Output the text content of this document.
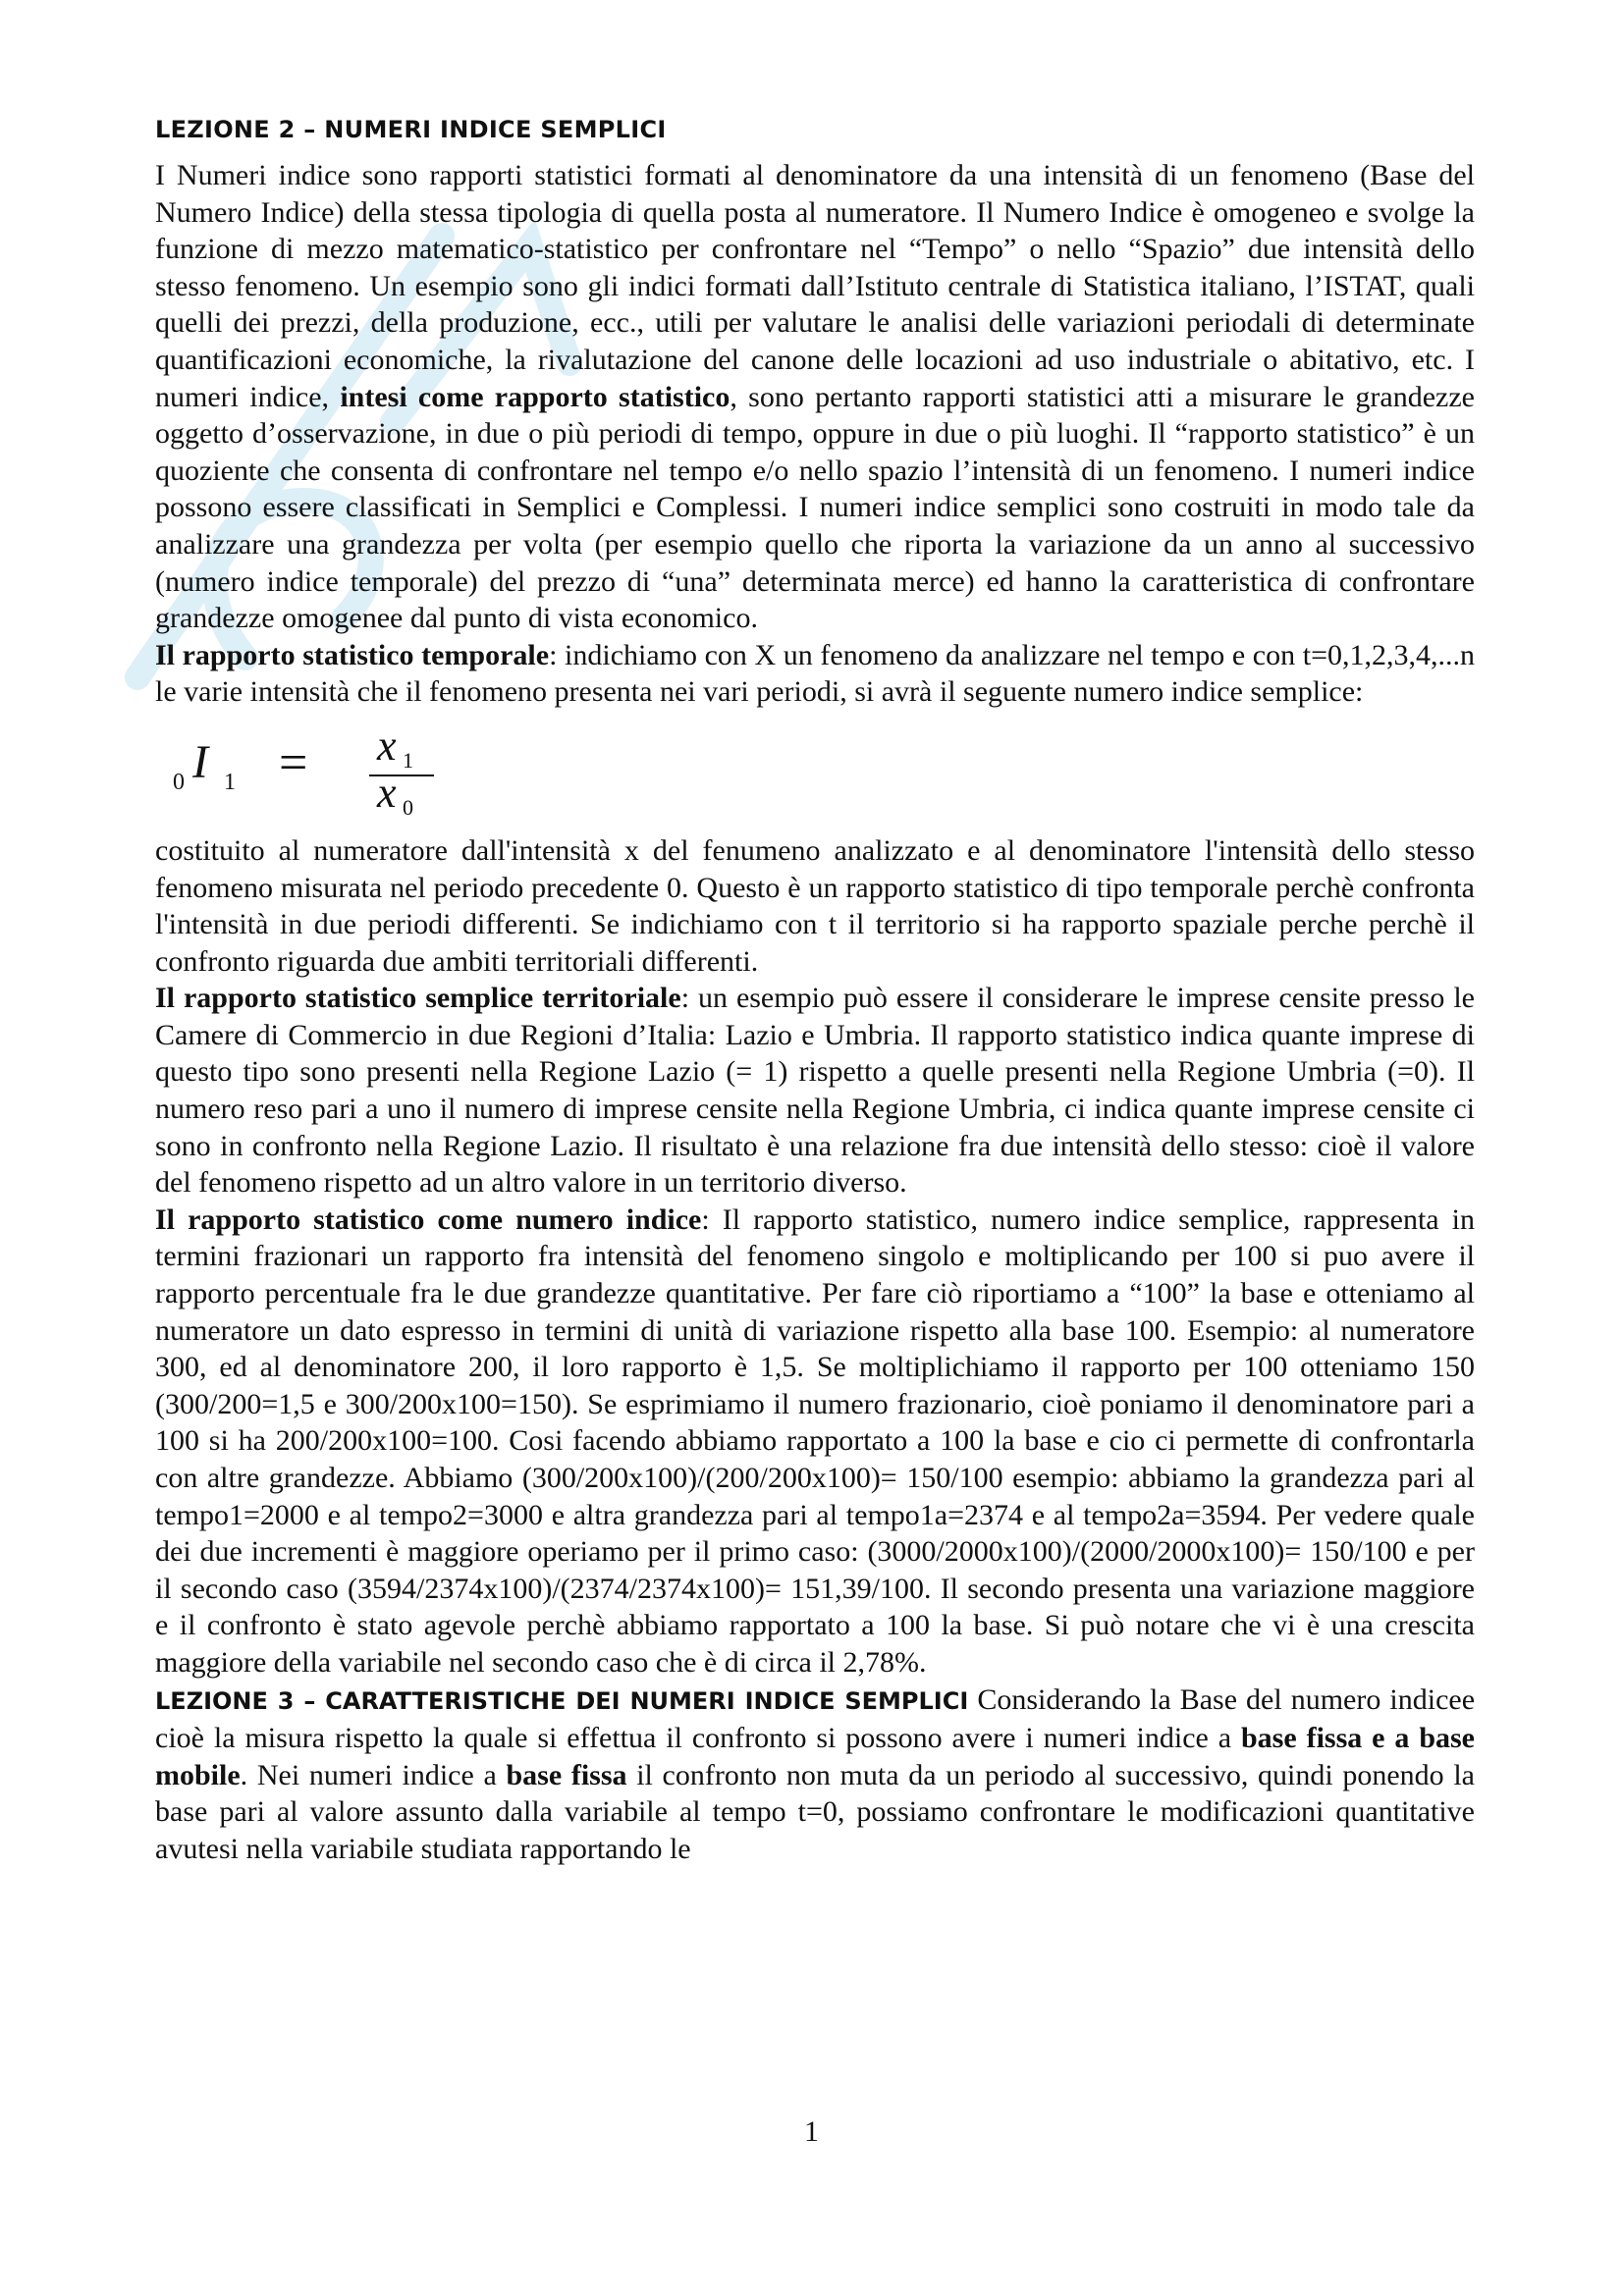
LEZIONE 2 – NUMERI INDICE SEMPLICI

I Numeri indice sono rapporti statistici formati al denominatore da una intensità di un fenomeno (Base del Numero Indice) della stessa tipologia di quella posta al numeratore. Il Numero Indice è omogeneo e svolge la funzione di mezzo matematico-statistico per confrontare nel “Tempo” o nello “Spazio” due intensità dello stesso fenomeno. Un esempio sono gli indici formati dall’Istituto centrale di Statistica italiano, l’ISTAT, quali quelli dei prezzi, della produzione, ecc., utili per valutare le analisi delle variazioni periodali di determinate quantificazioni economiche, la rivalutazione del canone delle locazioni ad uso industriale o abitativo, etc. I numeri indice, intesi come rapporto statistico, sono pertanto rapporti statistici atti a misurare le grandezze oggetto d’osservazione, in due o più periodi di tempo, oppure in due o più luoghi. Il “rapporto statistico” è un quoziente che consenta di confrontare nel tempo e/o nello spazio l’intensità di un fenomeno. I numeri indice possono essere classificati in Semplici e Complessi. I numeri indice semplici sono costruiti in modo tale da analizzare una grandezza per volta (per esempio quello che riporta la variazione da un anno al successivo (numero indice temporale) del prezzo di “una” determinata merce) ed hanno la caratteristica di confrontare grandezze omogenee dal punto di vista economico.

Il rapporto statistico temporale: indichiamo con X un fenomeno da analizzare nel tempo e con t=0,1,2,3,4,...n le varie intensità che il fenomeno presenta nei vari periodi, si avrà il seguente numero indice semplice:

0 I 1 = x 1
x 0

costituito al numeratore dall'intensità x del fenumeno analizzato e al denominatore l'intensità dello stesso fenomeno misurata nel periodo precedente 0. Questo è un rapporto statistico di tipo temporale perchè confronta l'intensità in due periodi differenti. Se indichiamo con t il territorio si ha rapporto spaziale perche perchè il confronto riguarda due ambiti territoriali differenti.

Il rapporto statistico semplice territoriale: un esempio può essere il considerare le imprese censite presso le Camere di Commercio in due Regioni d’Italia: Lazio e Umbria. Il rapporto statistico indica quante imprese di questo tipo sono presenti nella Regione Lazio (= 1) rispetto a quelle presenti nella Regione Umbria (=0). Il numero reso pari a uno il numero di imprese censite nella Regione Umbria, ci indica quante imprese censite ci sono in confronto nella Regione Lazio. Il risultato è una relazione fra due intensità dello stesso: cioè il valore del fenomeno rispetto ad un altro valore in un territorio diverso.

Il rapporto statistico come numero indice: Il rapporto statistico, numero indice semplice, rappresenta in termini frazionari un rapporto fra intensità del fenomeno singolo e moltiplicando per 100 si puo avere il rapporto percentuale fra le due grandezze quantitative. Per fare ciò riportiamo a “100” la base e otteniamo al numeratore un dato espresso in termini di unità di variazione rispetto alla base 100. Esempio: al numeratore 300, ed al denominatore 200, il loro rapporto è 1,5. Se moltiplichiamo il rapporto per 100 otteniamo 150 (300/200=1,5 e 300/200x100=150). Se esprimiamo il numero frazionario, cioè poniamo il denominatore pari a 100 si ha 200/200x100=100. Cosi facendo abbiamo rapportato a 100 la base e cio ci permette di confrontarla con altre grandezze. Abbiamo (300/200x100)/(200/200x100)= 150/100 esempio: abbiamo la grandezza pari al tempo1=2000 e al tempo2=3000 e altra grandezza pari al tempo1a=2374 e al tempo2a=3594. Per vedere quale dei due incrementi è maggiore operiamo per il primo caso: (3000/2000x100)/(2000/2000x100)= 150/100 e per il secondo caso (3594/2374x100)/(2374/2374x100)= 151,39/100. Il secondo presenta una variazione maggiore e il confronto è stato agevole perchè abbiamo rapportato a 100 la base. Si può notare che vi è una crescita maggiore della variabile nel secondo caso che è di circa il 2,78%.

LEZIONE 3 – CARATTERISTICHE DEI NUMERI INDICE SEMPLICI Considerando la Base del numero indicee cioè la misura rispetto la quale si effettua il confronto si possono avere i numeri indice a base fissa e a base mobile. Nei numeri indice a base fissa il confronto non muta da un periodo al successivo, quindi ponendo la base pari al valore assunto dalla variabile al tempo t=0, possiamo confrontare le modificazioni quantitative avutesi nella variabile studiata rapportando le

1
